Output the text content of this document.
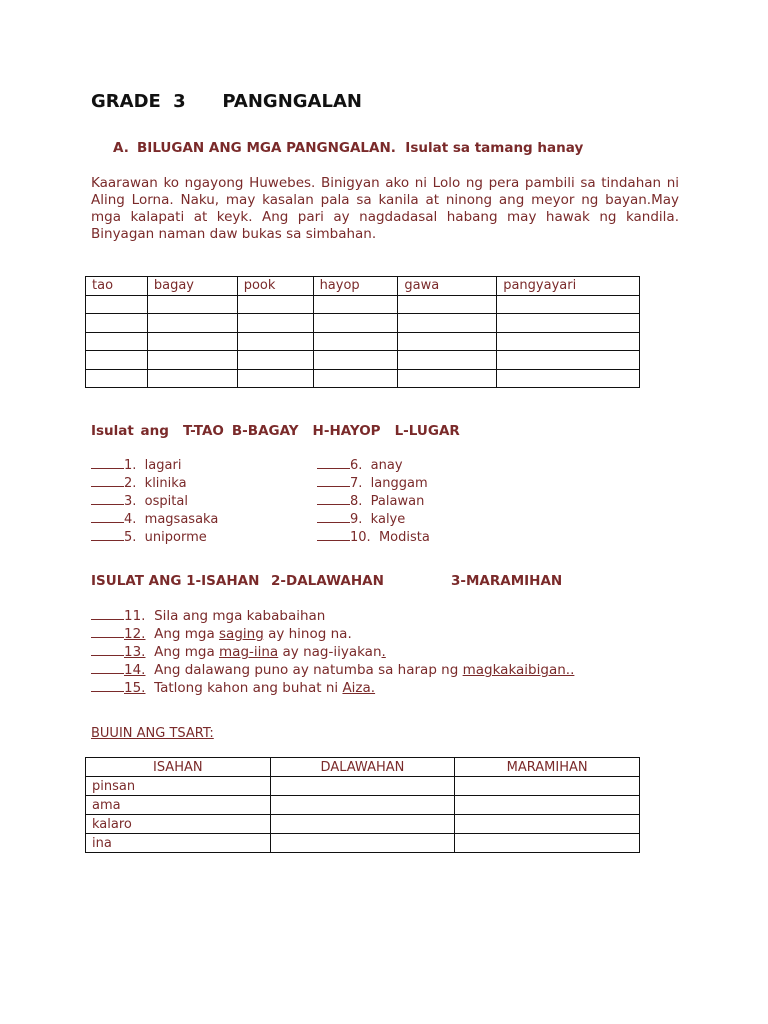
GRADE 3   PANGNGALAN
A. BILUGAN ANG MGA PANGNGALAN.  Isulat sa tamang hanay
Kaarawan ko ngayong Huwebes. Binigyan ako ni Lolo ng pera pambili sa tindahan ni
Aling Lorna. Naku, may kasalan pala sa kanila at ninong ang meyor ng bayan.May
mga kalapati at keyk. Ang pari ay nagdadasal habang may hawak ng kandila.
Binyagan naman daw bukas sa simbahan.
tao	bagay	pook	hayop	gawa	pangyayari

Isulat ang T-TAO B-BAGAY H-HAYOP L-LUGAR
1. lagari
2. klinika
3. ospital
4. magsasaka
5. uniporme
6. anay
7. langgam
8. Palawan
9. kalye
10. Modista
ISULAT ANG 1-ISAHAN 2-DALAWAHAN	3-MARAMIHAN
11. Sila ang mga kababaihan
12. Ang mga saging ay hinog na.
13. Ang mga mag-iina ay nag-iiyakan.
14. Ang dalawang puno ay natumba sa harap ng magkakaibigan..
15. Tatlong kahon ang buhat ni Aiza.
BUUIN ANG TSART:
ISAHAN	DALAWAHAN	MARAMIHAN
pinsan		
ama		
kalaro		
ina		
